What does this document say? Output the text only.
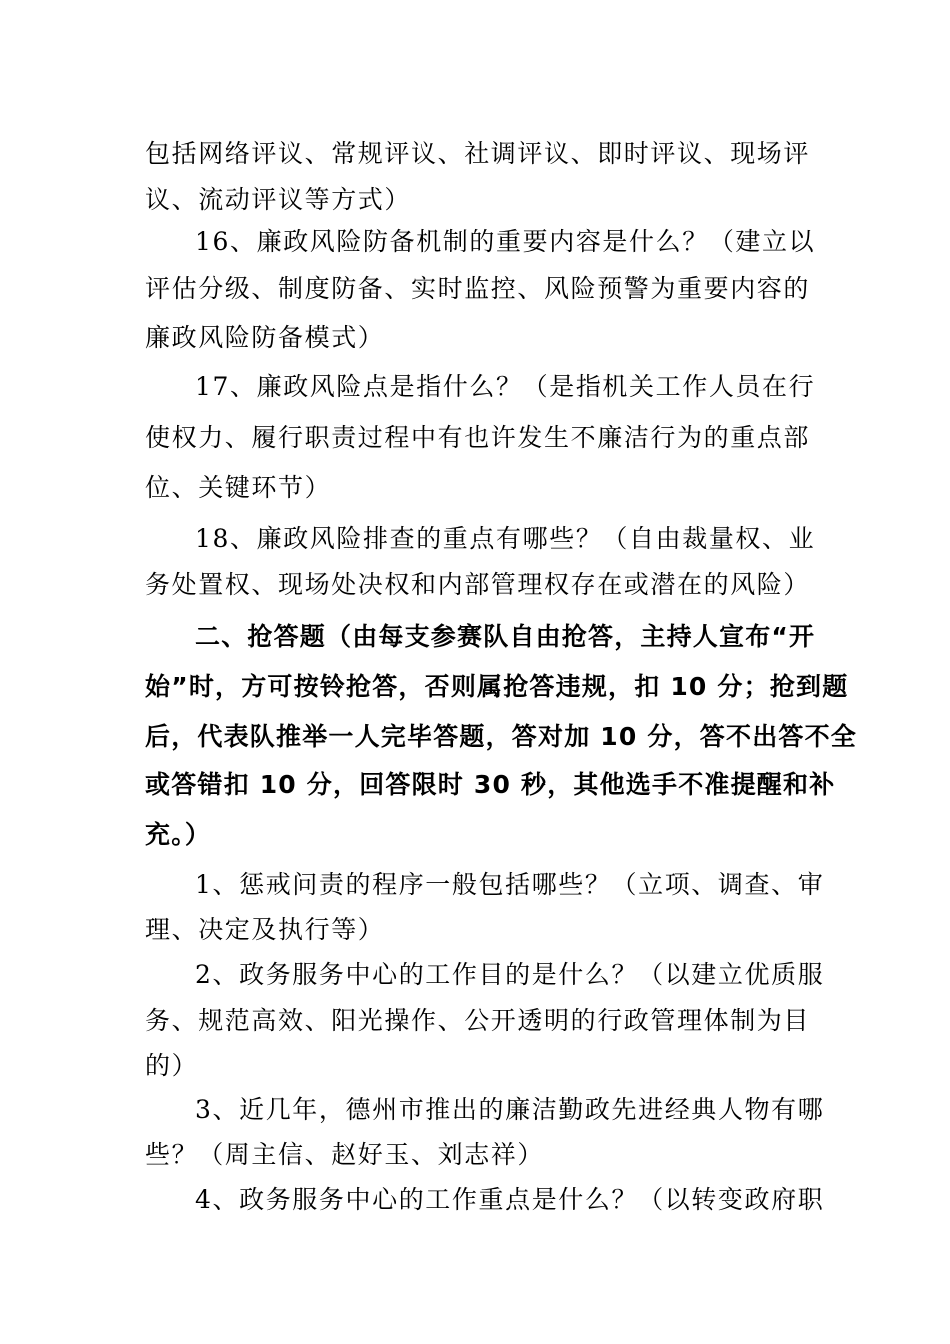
包括网络评议、常规评议、社调评议、即时评议、现场评
议、流动评议等方式）
16、廉政风险防备机制的重要内容是什么？（建立以
评估分级、制度防备、实时监控、风险预警为重要内容的
廉政风险防备模式）
17、廉政风险点是指什么？（是指机关工作人员在行
使权力、履行职责过程中有也许发生不廉洁行为的重点部
位、关键环节）
18、廉政风险排查的重点有哪些？（自由裁量权、业
务处置权、现场处决权和内部管理权存在或潜在的风险）
二、抢答题（由每支参赛队自由抢答，主持人宣布“开
始”时，方可按铃抢答，否则属抢答违规，扣 10 分；抢到题
后，代表队推举一人完毕答题，答对加 10 分，答不出答不全
或答错扣 10 分，回答限时 30 秒，其他选手不准提醒和补
充。）
1、惩戒问责的程序一般包括哪些？（立项、调查、审
理、决定及执行等）
2、政务服务中心的工作目的是什么？（以建立优质服
务、规范高效、阳光操作、公开透明的行政管理体制为目
的）
3、近几年，德州市推出的廉洁勤政先进经典人物有哪
些？（周主信、赵好玉、刘志祥）
4、政务服务中心的工作重点是什么？（以转变政府职
